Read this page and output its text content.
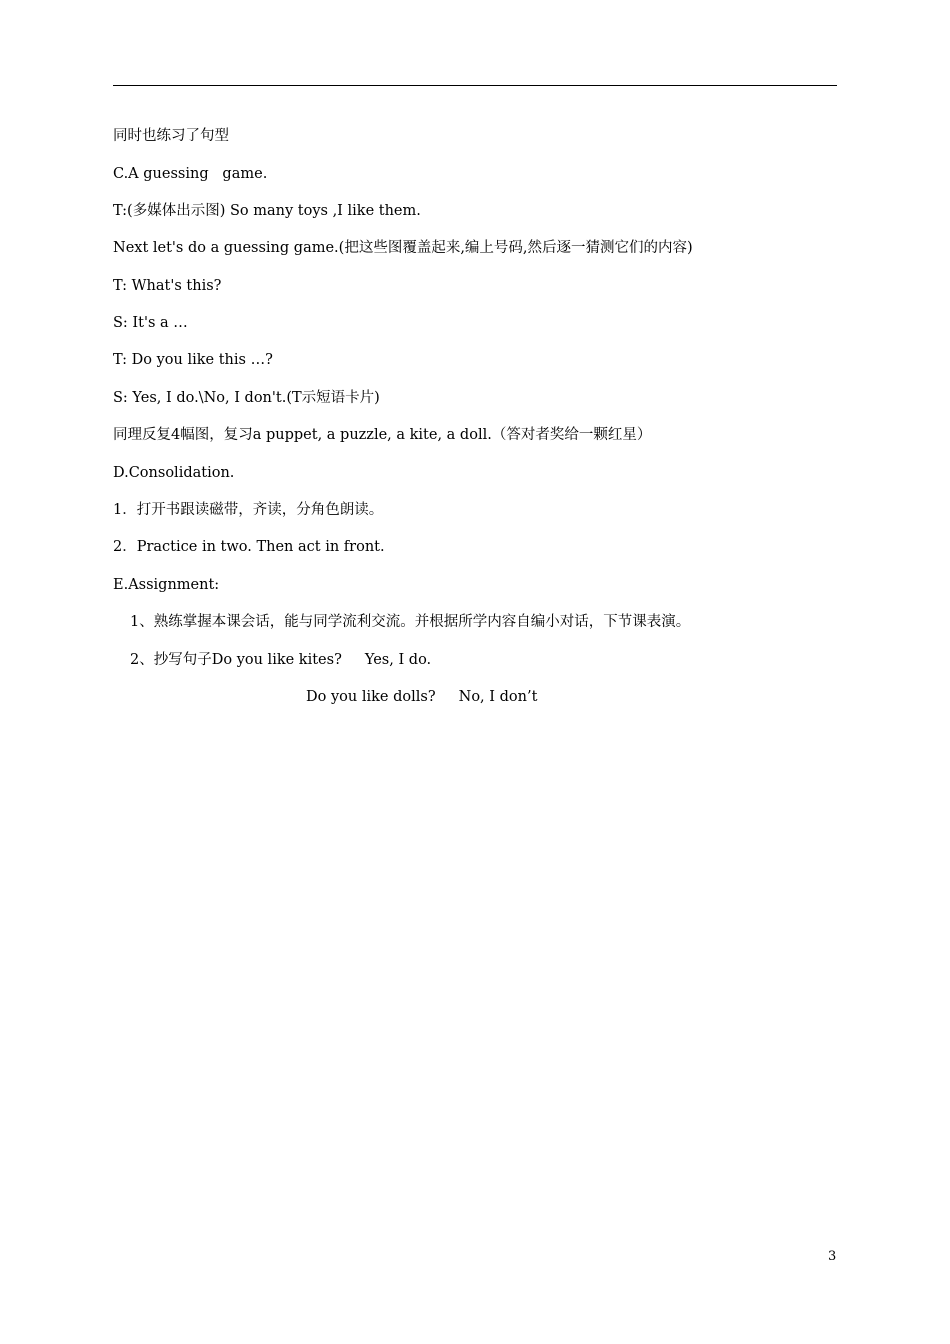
同时也练习了句型
C.A guessing   game.
T:(多媒体出示图) So many toys ,I like them.
Next let's do a guessing game.(把这些图覆盖起来,编上号码,然后逐一猜测它们的内容)
T: What's this?
S: It's a …
T: Do you like this …?
S: Yes, I do.\No, I don't.(T示短语卡片)
同理反复4幅图，复习a puppet, a puzzle, a kite, a doll.（答对者奖给一颗红星）
D.Consolidation.
1．打开书跟读磁带，齐读，分角色朗读。
2．Practice in two. Then act in front.
E.Assignment:
1、熟练掌握本课会话，能与同学流利交流。并根据所学内容自编小对话，下节课表演。
2、抄写句子Do you like kites?     Yes, I do.
Do you like dolls?     No, I don’t
3
